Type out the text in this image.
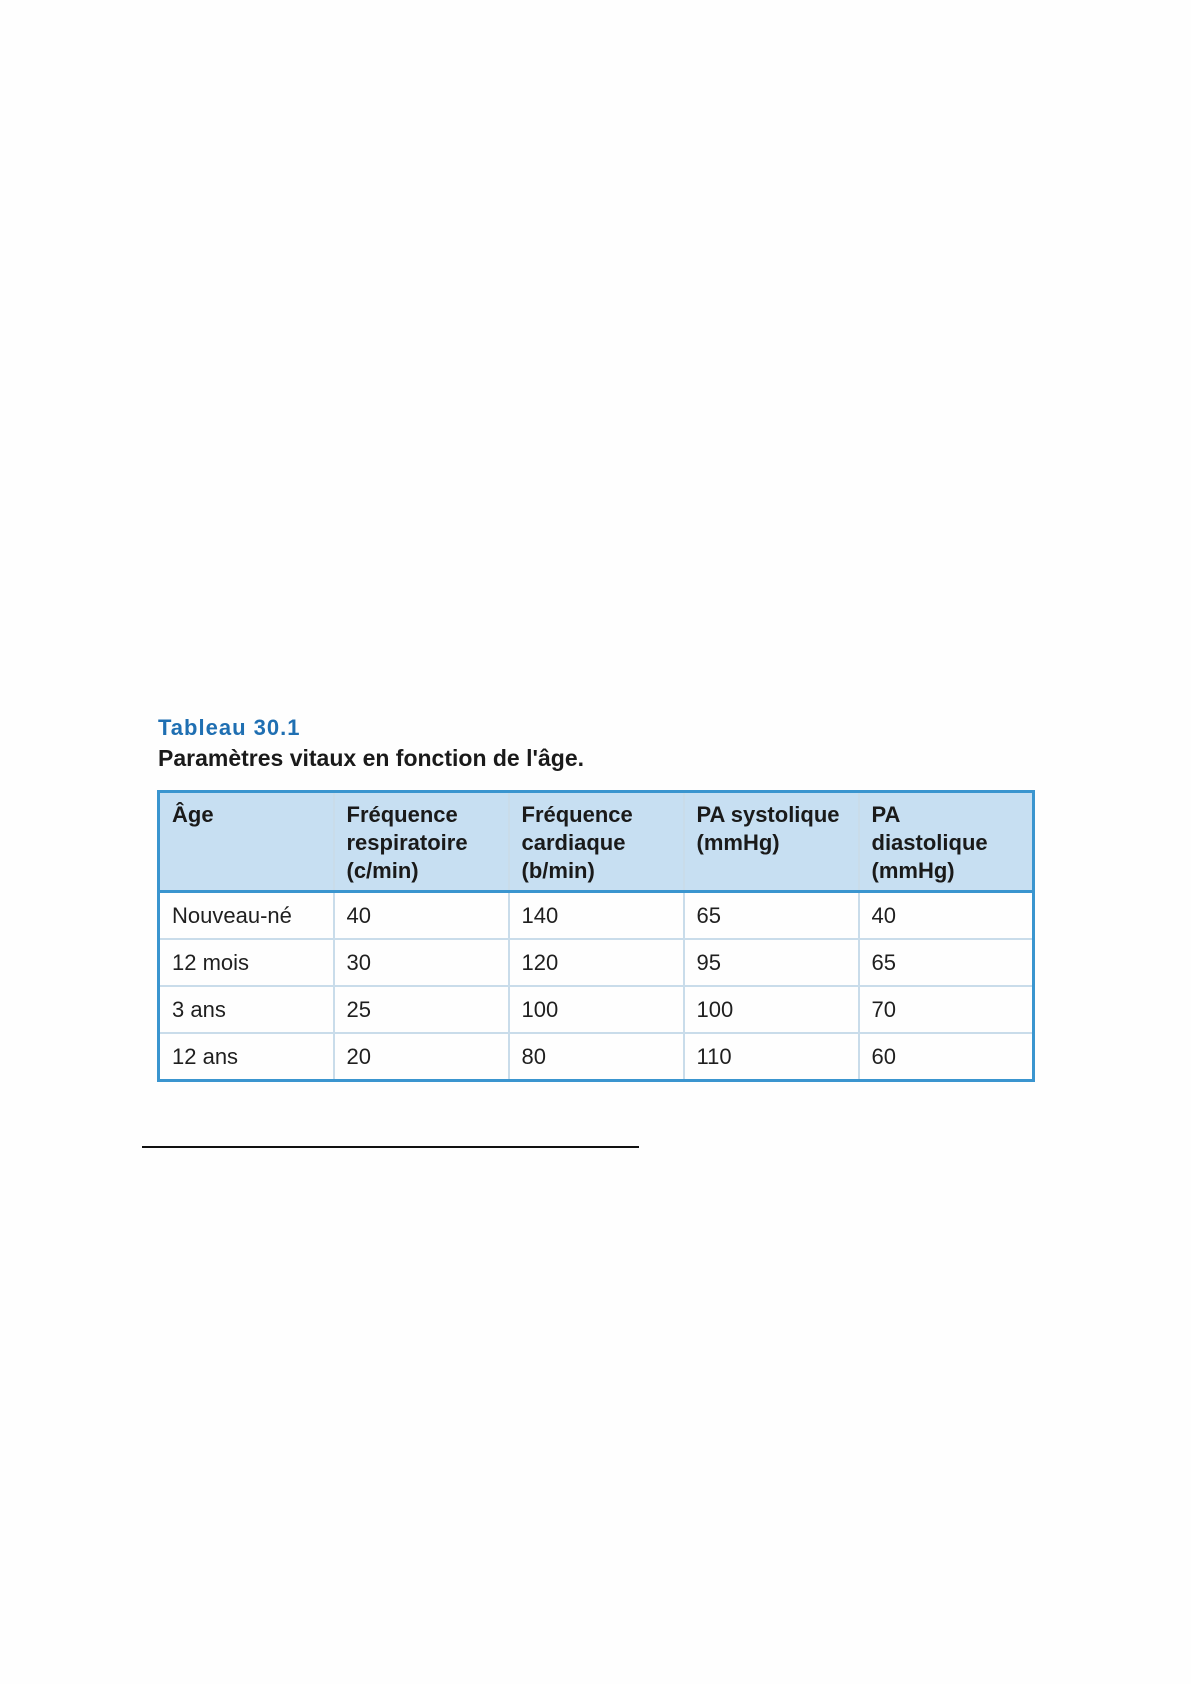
Tableau 30.1
Paramètres vitaux en fonction de l'âge.
Âge	Fréquence respiratoire (c/min)	Fréquence cardiaque (b/min)	PA systolique (mmHg)	PA diastolique (mmHg)

Nouveau-né	40	140	65	40
12 mois	30	120	95	65
3 ans	25	100	100	70
12 ans	20	80	110	60
